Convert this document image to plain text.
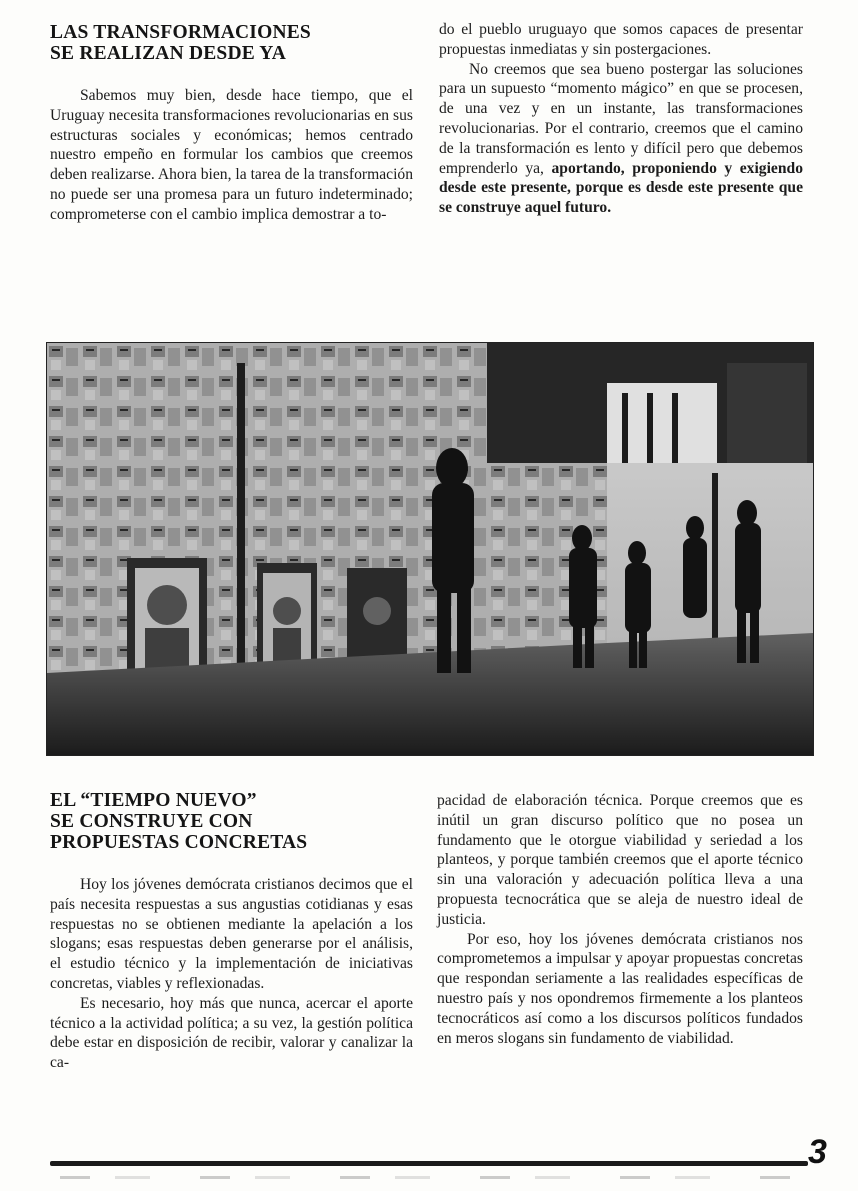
LAS TRANSFORMACIONES
SE REALIZAN DESDE YA

Sabemos muy bien, desde hace tiempo, que el Uruguay necesita transformaciones revolucionarias en sus estructuras sociales y económicas; hemos centrado nuestro empeño en formular los cambios que creemos deben realizarse. Ahora bien, la tarea de la transformación no puede ser una promesa para un futuro indeterminado; comprometerse con el cambio implica demostrar a to-

do el pueblo uruguayo que somos capaces de presentar propuestas inmediatas y sin postergaciones.

No creemos que sea bueno postergar las soluciones para un supuesto “momento mágico” en que se procesen, de una vez y en un instante, las transformaciones revolucionarias. Por el contrario, creemos que el camino de la transformación es lento y difícil pero que debemos emprenderlo ya, aportando, proponiendo y exigiendo desde este presente, porque es desde este presente que se construye aquel futuro.

EL “TIEMPO NUEVO”
SE CONSTRUYE CON
PROPUESTAS CONCRETAS

Hoy los jóvenes demócrata cristianos decimos que el país necesita respuestas a sus angustias cotidianas y esas respuestas no se obtienen mediante la apelación a los slogans; esas respuestas deben generarse por el análisis, el estudio técnico y la implementación de iniciativas concretas, viables y reflexionadas.

Es necesario, hoy más que nunca, acercar el aporte técnico a la actividad política; a su vez, la gestión política debe estar en disposición de recibir, valorar y canalizar la ca-

pacidad de elaboración técnica. Porque creemos que es inútil un gran discurso político que no posea un fundamento que le otorgue viabilidad y seriedad a los planteos, y porque también creemos que el aporte técnico sin una valoración y adecuación política lleva a una propuesta tecnocrática que se aleja de nuestro ideal de justicia.

Por eso, hoy los jóvenes demócrata cristianos nos comprometemos a impulsar y apoyar propuestas concretas que respondan seriamente a las realidades específicas de nuestro país y nos opondremos firmemente a los planteos tecnocráticos así como a los discursos políticos fundados en meros slogans sin fundamento de viabilidad.

3
